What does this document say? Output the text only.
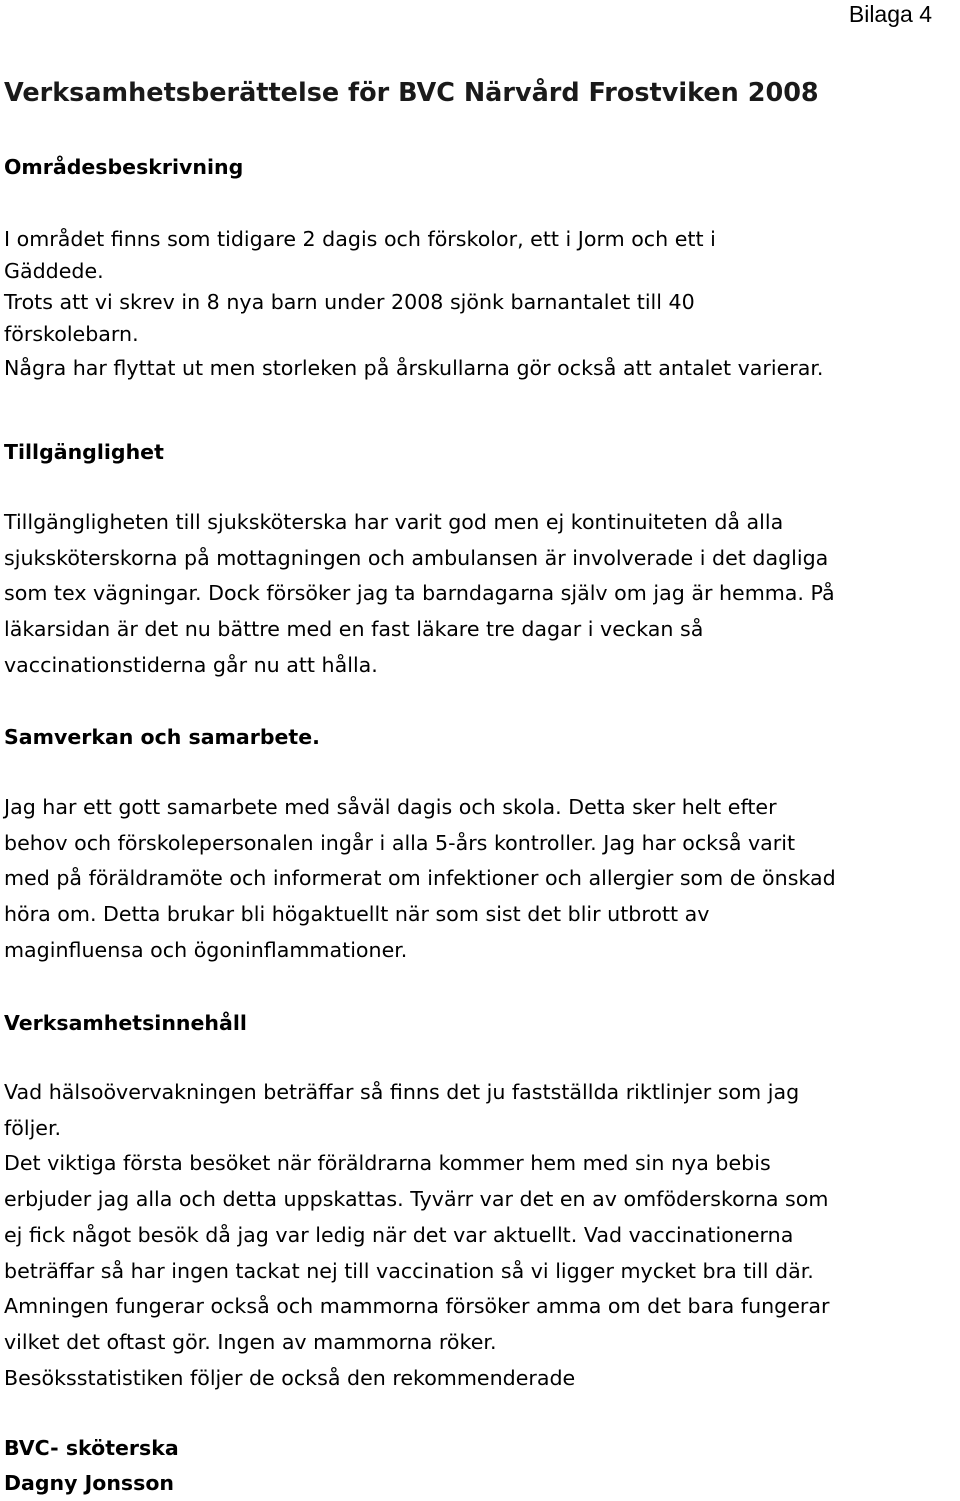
Bilaga 4
Verksamhetsberättelse för BVC Närvård Frostviken 2008
Områdesbeskrivning
I området finns som tidigare 2 dagis och förskolor, ett i Jorm och ett i
Gäddede.
Trots att vi skrev in 8 nya barn under 2008 sjönk barnantalet till 40
förskolebarn.
Några har flyttat ut men storleken på årskullarna gör också att antalet varierar.
Tillgänglighet
Tillgängligheten till sjuksköterska har varit god men ej kontinuiteten då alla
sjuksköterskorna på mottagningen och ambulansen är involverade i det dagliga
som tex vägningar. Dock försöker jag ta barndagarna själv om jag är hemma. På
läkarsidan är det nu bättre med en fast läkare tre dagar i veckan så
vaccinationstiderna går nu att hålla.
Samverkan och samarbete.
Jag har ett gott samarbete med såväl dagis och skola. Detta sker helt efter
behov och förskolepersonalen ingår i alla 5-års kontroller. Jag har också varit
med på föräldramöte och informerat om infektioner och allergier som de önskad
höra om. Detta brukar bli högaktuellt när som sist det blir utbrott av
maginfluensa och ögoninflammationer.
Verksamhetsinnehåll
Vad hälsoövervakningen beträffar så finns det ju fastställda riktlinjer som jag
följer.
Det viktiga första besöket när föräldrarna kommer hem med sin nya bebis
erbjuder jag alla och detta uppskattas. Tyvärr var det en av omföderskorna som
ej fick något besök då jag var ledig när det var aktuellt. Vad vaccinationerna
beträffar så har ingen tackat nej till vaccination så vi ligger mycket bra till där.
Amningen fungerar också och mammorna försöker amma om det bara fungerar
vilket det oftast gör. Ingen av mammorna röker.
Besöksstatistiken följer de också den rekommenderade
BVC- sköterska
Dagny Jonsson
